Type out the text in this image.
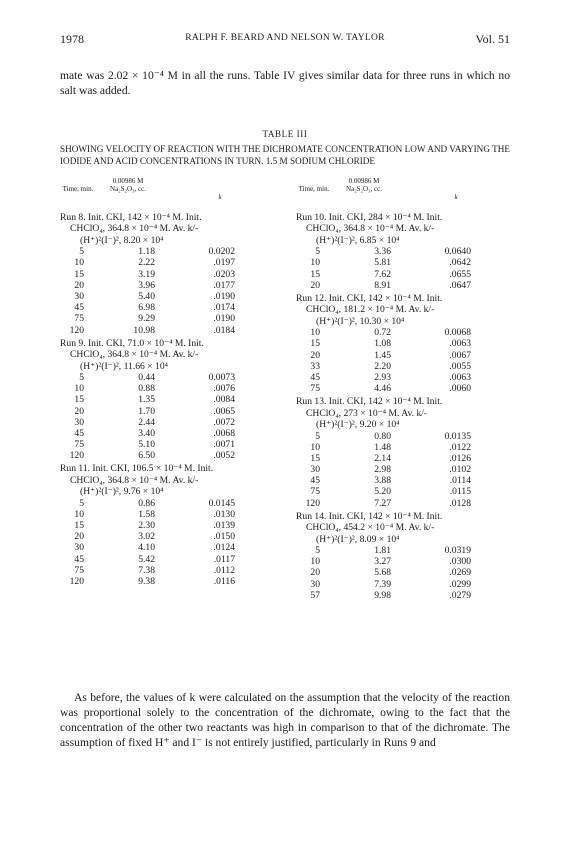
1978	RALPH F. BEARD AND NELSON W. TAYLOR	Vol. 51
mate was 2.02 × 10⁻⁴ M in all the runs. Table IV gives similar data for three runs in which no salt was added.
TABLE III
SHOWING VELOCITY OF REACTION WITH THE DICHROMATE CONCENTRATION LOW AND VARYING THE IODIDE AND ACID CONCENTRATIONS IN TURN. 1.5 M SODIUM CHLORIDE
0.00986 M
Time, min.	Na₂S₂O₃, cc.
k
Run 8. Init. CKI, 142 × 10⁻⁴ M. Init.
CHClO₄, 364.8 × 10⁻⁴ M. Av. k/-
(H⁺)²(I⁻)², 8.20 × 10⁴
5	1.18	0.0202
10	2.22	.0197
15	3.19	.0203
20	3.96	.0177
30	5.40	.0190
45	6.98	.0174
75	9.29	.0190
120	10.98	.0184
Run 9. Init. CKI, 71.0 × 10⁻⁴ M. Init.
CHClO₄, 364.8 × 10⁻⁴ M. Av. k/-
(H⁺)²(I⁻)², 11.66 × 10⁴
5	0.44	0.0073
10	0.88	.0076
15	1.35	.0084
20	1.70	.0065
30	2.44	.0072
45	3.40	.0068
75	5.10	.0071
120	6.50	.0052
Run 11. Init. CKI, 106.5 × 10⁻⁴ M. Init.
CHClO₄, 364.8 × 10⁻⁴ M. Av. k/-
(H⁺)²(I⁻)², 9.76 × 10⁴
5	0.86	0.0145
10	1.58	.0130
15	2.30	.0139
20	3.02	.0150
30	4.10	.0124
45	5.42	.0117
75	7.38	.0112
120	9.38	.0116
0.00986 M
Time, min.	Na₂S₂O₃, cc.
k
Run 10. Init. CKI, 284 × 10⁻⁴ M. Init.
CHClO₄, 364.8 × 10⁻⁴ M. Av. k/-
(H⁺)²(I⁻)², 6.85 × 10⁴
5	3.36	0.0640
10	5.81	.0642
15	7.62	.0655
20	8.91	.0647
Run 12. Init. CKI, 142 × 10⁻⁴ M. Init.
CHClO₄, 181.2 × 10⁻⁴ M. Av. k/-
(H⁺)²(I⁻)², 10.30 × 10⁴
10	0.72	0.0068
15	1.08	.0063
20	1.45	.0067
33	2.20	.0055
45	2.93	.0063
75	4.46	.0060
Run 13. Init. CKI, 142 × 10⁻⁴ M. Init.
CHClO₄, 273 × 10⁻⁴ M. Av. k/-
(H⁺)²(I⁻)², 9.20 × 10⁴
5	0.80	0.0135
10	1.48	.0122
15	2.14	.0126
30	2.98	.0102
45	3.88	.0114
75	5.20	.0115
120	7.27	.0128
Run 14. Init. CKI, 142 × 10⁻⁴ M. Init.
CHClO₄, 454.2 × 10⁻⁴ M. Av. k/-
(H⁺)²(I⁻)², 8.09 × 10⁴
5	1.81	0.0319
10	3.27	.0300
20	5.68	.0269
30	7.39	.0299
57	9.98	.0279
As before, the values of k were calculated on the assumption that the velocity of the reaction was proportional solely to the concentration of the dichromate, owing to the fact that the concentration of the other two reactants was high in comparison to that of the dichromate. The assumption of fixed H⁺ and I⁻ is not entirely justified, particularly in Runs 9 and
